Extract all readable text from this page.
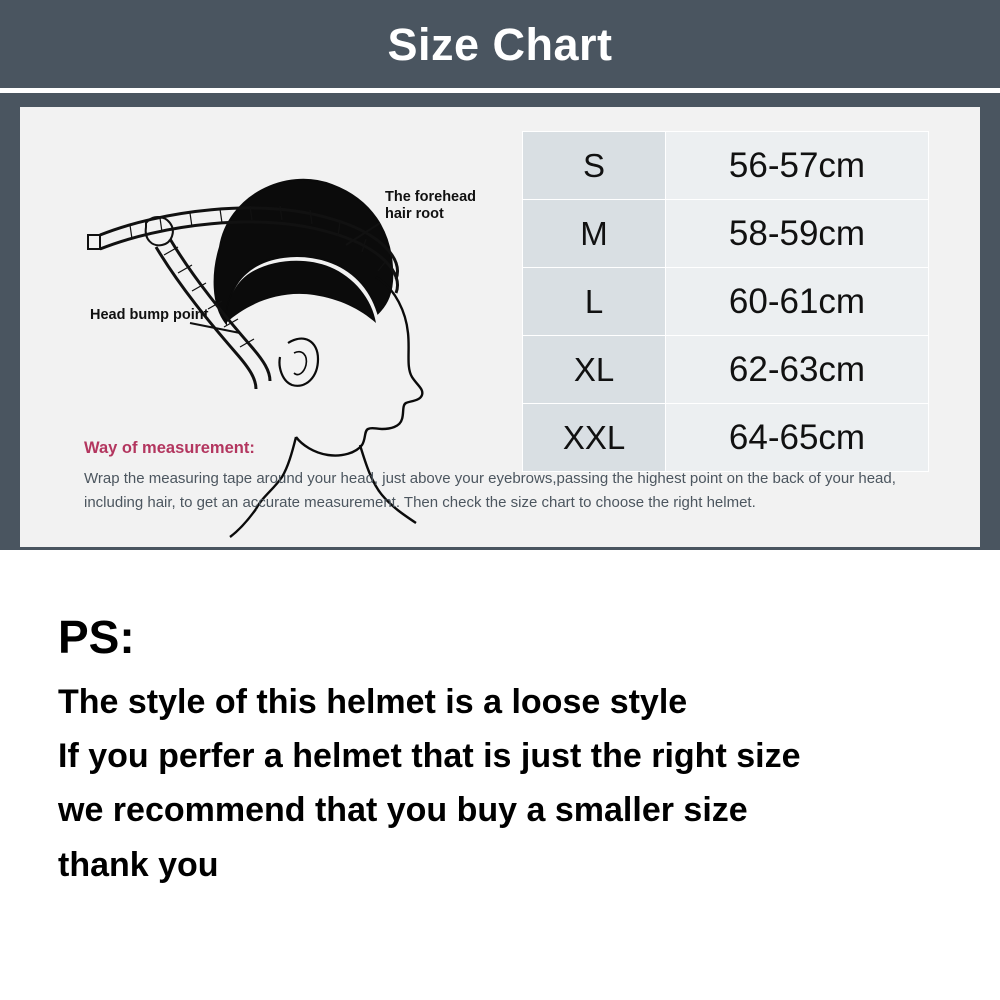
Size Chart
The forehead
hair root
Head bump point
S	56-57cm
M	58-59cm
L	60-61cm
XL	62-63cm
XXL	64-65cm
Way of measurement:
Wrap the measuring tape around your head, just above your eyebrows,passing the highest point on the back of your head, including hair, to get an accurate measurement. Then check the size chart to choose the right helmet.
PS:
The style of this helmet is a loose style
If you perfer a helmet that is just the right size
we recommend that you buy a smaller size
thank you
